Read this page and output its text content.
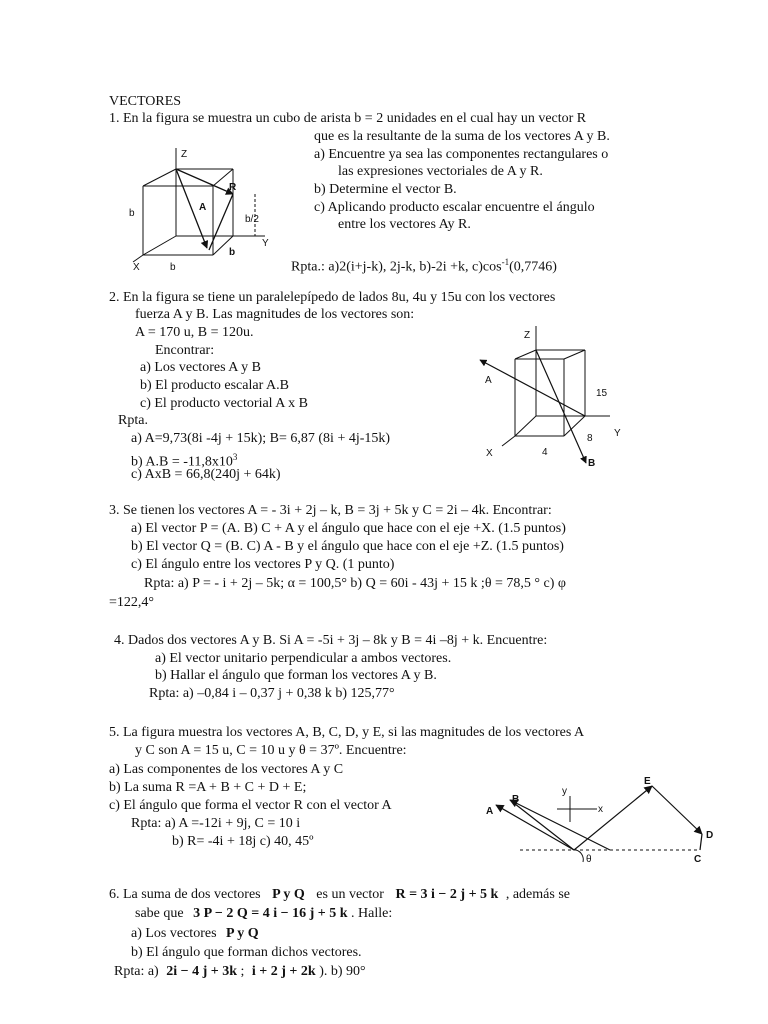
VECTORES
1. En la figura se muestra un cubo de arista b = 2 unidades en el cual hay un vector R
que es la resultante de la suma de los vectores A y B.
a) Encuentre ya sea las componentes rectangulares o
las expresiones vectoriales de A y R.
b) Determine el vector B.
c) Aplicando producto escalar encuentre el ángulo
entre los vectores Ay R.
Rpta.: a)2(i+j-k), 2j-k, b)-2i +k, $c)\cos^{-1}(0,7746)$
Z
R
A
b
b/2
Y
b
X	b
2. En la figura se tiene un paralelepípedo de lados 8u, 4u y 15u con los vectores
fuerza A y B. Las magnitudes de los vectores son:
A = 170 u, B = 120u.
Encontrar:
a) Los vectores A y B
b) El producto escalar A.B
c) El producto vectorial A x B
Rpta.
a) A=9,73(8i -4j + 15k); B= 6,87 (8i + 4j-15k)
b) $A.B = -11,8x10^3$
c) AxB = 66,8(240j + 64k)
Z
A
15
8 Y
X	4
B
3. Se tienen los vectores A = - 3i + 2j – k, B = 3j + 5k y C = 2i – 4k. Encontrar:
a) El vector P = (A. B) C + A y el ángulo que hace con el eje +X. (1.5 puntos)
b) El vector Q = (B. C) A - B y el ángulo que hace con el eje +Z. (1.5 puntos)
c) El ángulo entre los vectores P y Q. (1 punto)
Rpta: a) P = - i + 2j – 5k; α = 100,5° b) Q = 60i - 43j + 15 k ;θ = 78,5 ° c) φ
=122,4°
4. Dados dos vectores A y B. Si A = -5i + 3j – 8k y B = 4i –8j + k. Encuentre:
a) El vector unitario perpendicular a ambos vectores.
b) Hallar el ángulo que forman los vectores A y B.
Rpta: a) –0,84 i – 0,37 j + 0,38 k b) 125,77°
5. La figura muestra los vectores A, B, C, D, y E, si las magnitudes de los vectores A
y C son A = 15 u, C = 10 u y θ = 37º. Encuentre:
a) Las componentes de los vectores A y C
b) La suma R =A + B + C + D + E;
c) El ángulo que forma el vector R con el vector A
Rpta: a) A =-12i + 9j, C = 10 i
b) R= -4i + 18j c) 40, 45º
y
x
E
A
B
D
C
θ
6. La suma de dos vectores P y Q es un vector R = 3 i − 2 j + 5 k , además se
sabe que 3 P − 2 Q = 4 i − 16 j + 5 k . Halle:
a) Los vectores P y Q
b) El ángulo que forman dichos vectores.
Rpta: a) 2i − 4 j + 3k ; i + 2 j + 2k ). b) 90°
